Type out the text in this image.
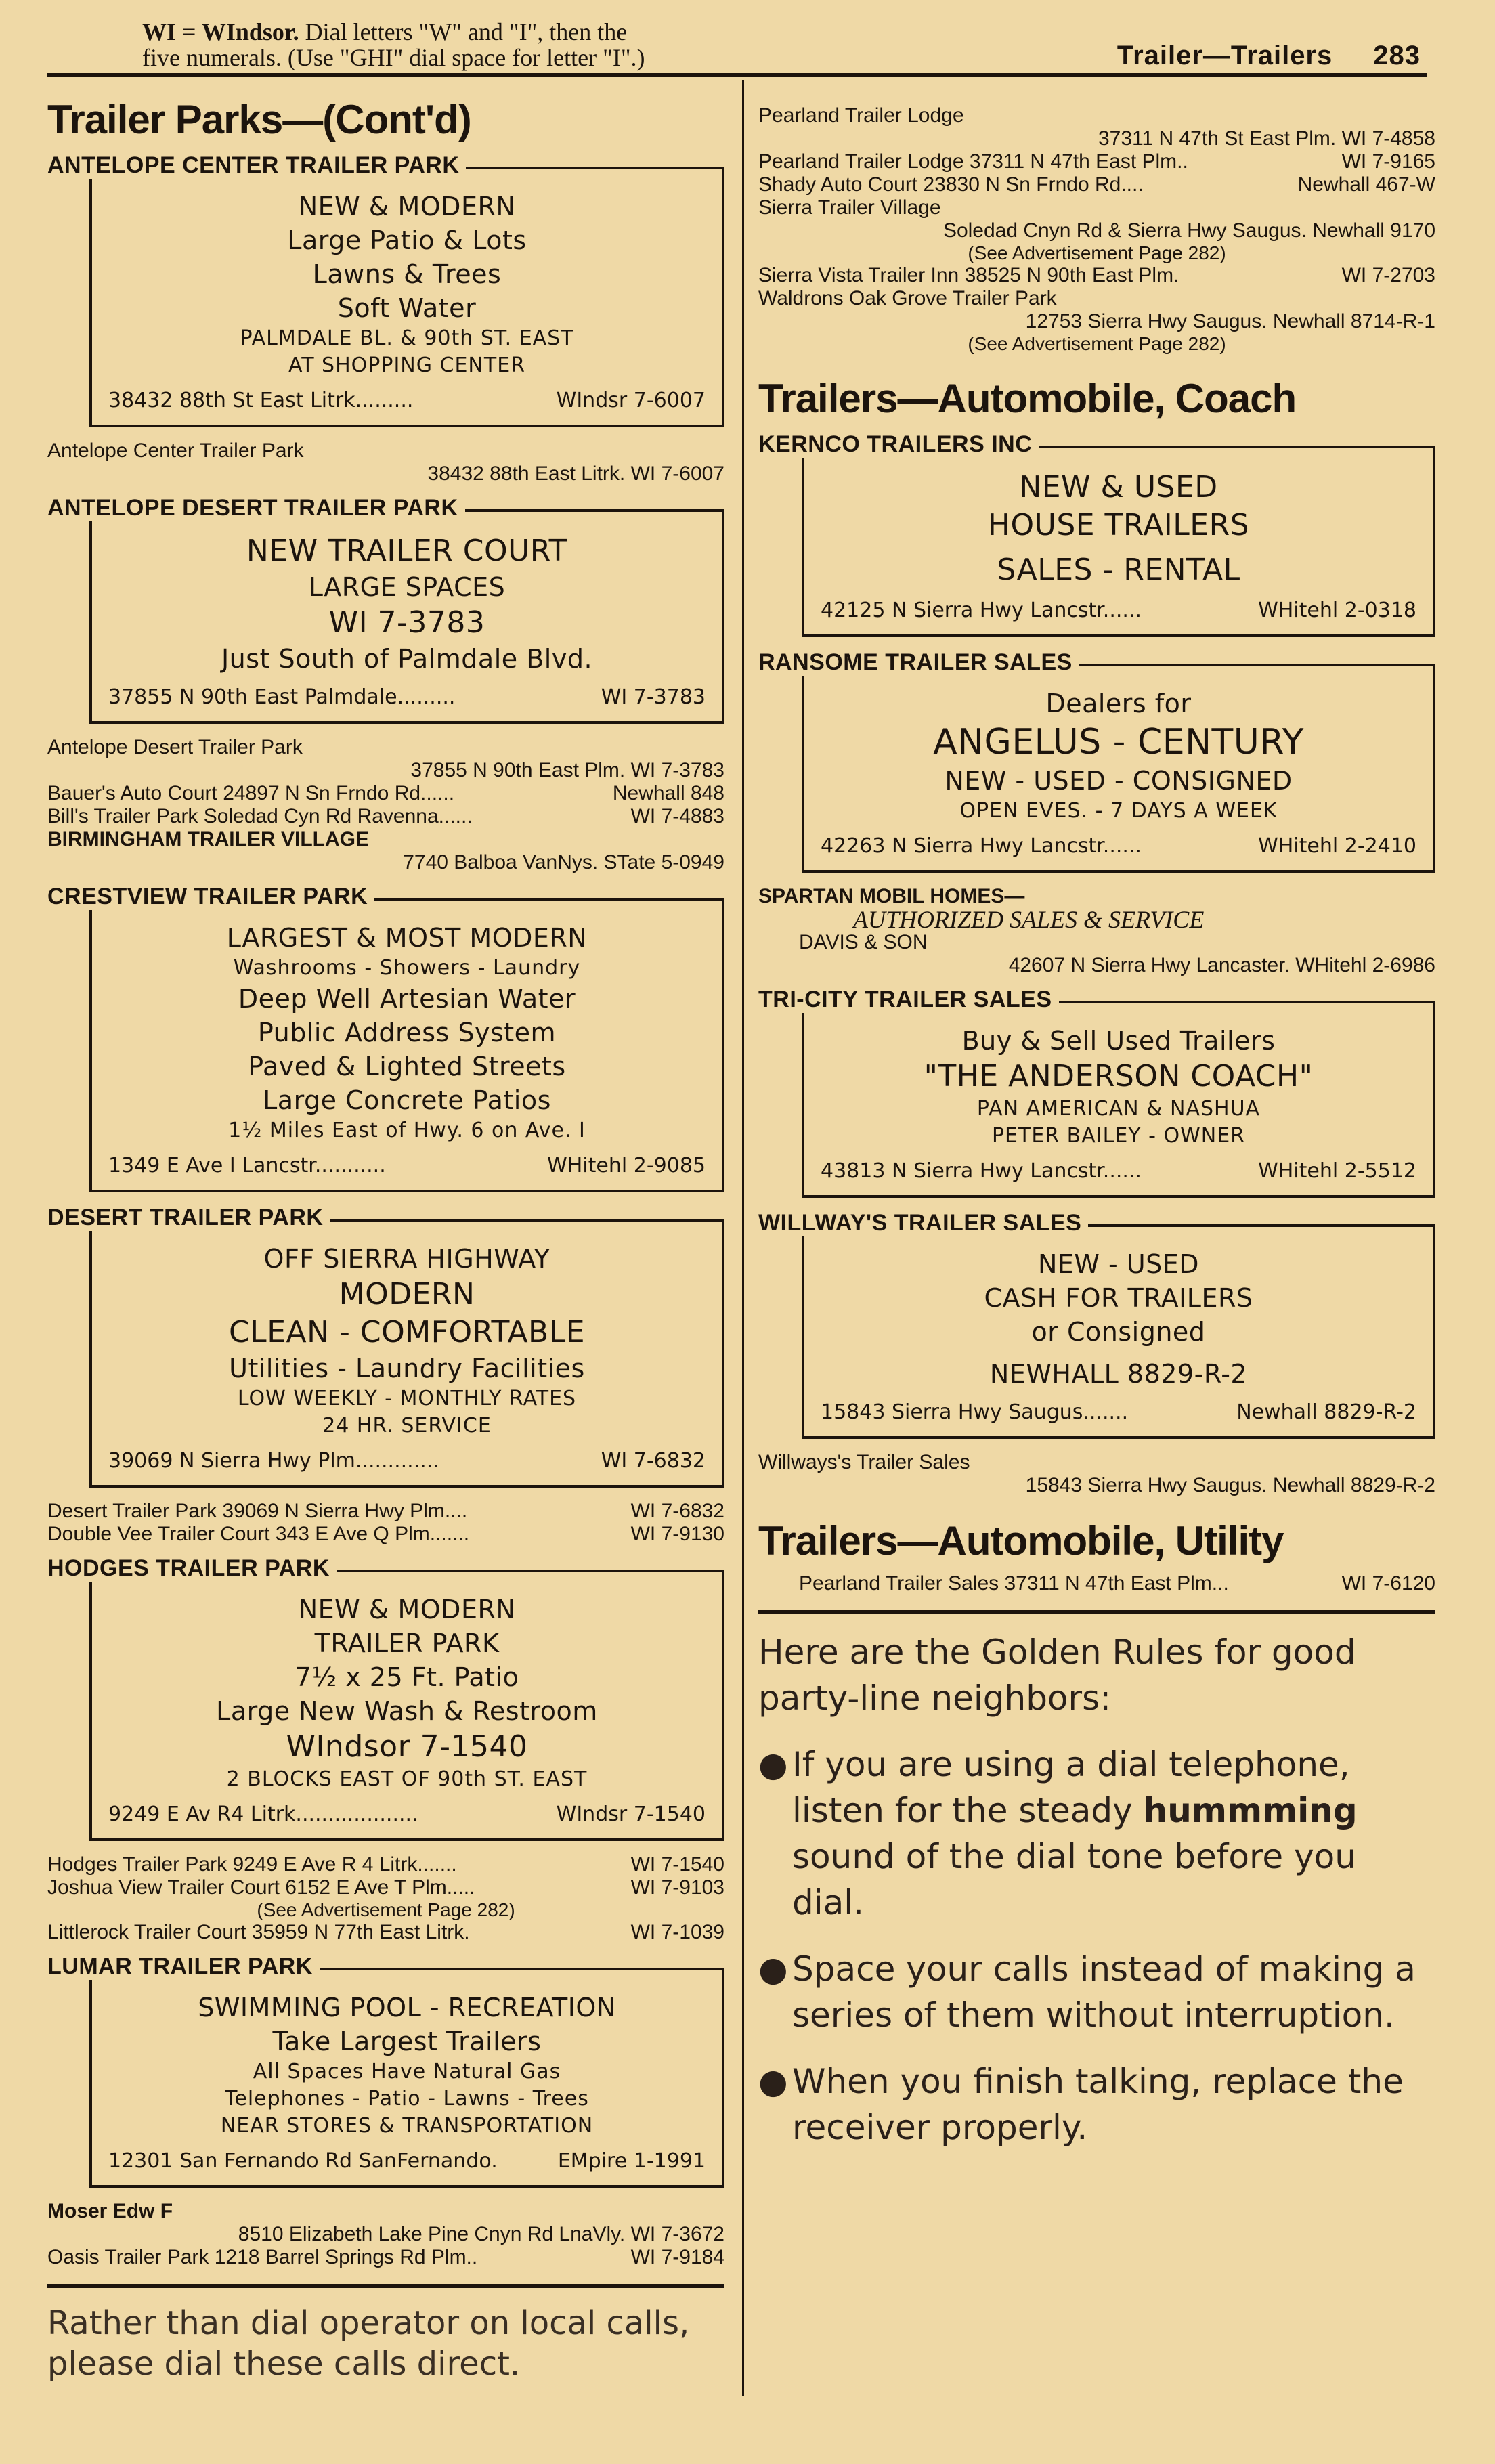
WI = WIndsor. Dial letters "W" and "I", then the
five numerals. (Use "GHI" dial space for letter "I".)	Trailer—Trailers 283
Trailer Parks—(Cont'd)
ANTELOPE CENTER TRAILER PARK
NEW & MODERN
Large Patio & Lots
Lawns & Trees
Soft Water
PALMDALE BL. & 90th ST. EAST
AT SHOPPING CENTER
38432 88th St East Litrk.........	WIndsr 7-6007
Antelope Center Trailer Park
38432 88th East Litrk. WI 7-6007
ANTELOPE DESERT TRAILER PARK
NEW TRAILER COURT
LARGE SPACES
WI 7-3783
Just South of Palmdale Blvd.
37855 N 90th East Palmdale.........	WI 7-3783
Antelope Desert Trailer Park
37855 N 90th East Plm. WI 7-3783
Bauer's Auto Court 24897 N Sn Frndo Rd......	Newhall 848
Bill's Trailer Park Soledad Cyn Rd Ravenna......	WI 7-4883
BIRMINGHAM TRAILER VILLAGE
7740 Balboa VanNys. STate 5-0949
CRESTVIEW TRAILER PARK
LARGEST & MOST MODERN
Washrooms - Showers - Laundry
Deep Well Artesian Water
Public Address System
Paved & Lighted Streets
Large Concrete Patios
1½ Miles East of Hwy. 6 on Ave. I
1349 E Ave I Lancstr...........	WHitehl 2-9085
DESERT TRAILER PARK
OFF SIERRA HIGHWAY
MODERN
CLEAN - COMFORTABLE
Utilities - Laundry Facilities
LOW WEEKLY - MONTHLY RATES
24 HR. SERVICE
39069 N Sierra Hwy Plm.............	WI 7-6832
Desert Trailer Park 39069 N Sierra Hwy Plm....	WI 7-6832
Double Vee Trailer Court 343 E Ave Q Plm.......	WI 7-9130
HODGES TRAILER PARK
NEW & MODERN
TRAILER PARK
7½ x 25 Ft. Patio
Large New Wash & Restroom
WIndsor 7-1540
2 BLOCKS EAST OF 90th ST. EAST
9249 E Av R4 Litrk...................	WIndsr 7-1540
Hodges Trailer Park 9249 E Ave R 4 Litrk.......	WI 7-1540
Joshua View Trailer Court 6152 E Ave T Plm.....	WI 7-9103
(See Advertisement Page 282)
Littlerock Trailer Court 35959 N 77th East Litrk.	WI 7-1039
LUMAR TRAILER PARK
SWIMMING POOL - RECREATION
Take Largest Trailers
All Spaces Have Natural Gas
Telephones - Patio - Lawns - Trees
NEAR STORES & TRANSPORTATION
12301 San Fernando Rd SanFernando.	EMpire 1-1991
Moser Edw F
8510 Elizabeth Lake Pine Cnyn Rd LnaVly. WI 7-3672
Oasis Trailer Park 1218 Barrel Springs Rd Plm..	WI 7-9184
Rather than dial operator on local calls, please dial these calls direct.
Pearland Trailer Lodge
37311 N 47th St East Plm. WI 7-4858
Pearland Trailer Lodge 37311 N 47th East Plm..	WI 7-9165
Shady Auto Court 23830 N Sn Frndo Rd....	Newhall 467-W
Sierra Trailer Village
Soledad Cnyn Rd & Sierra Hwy Saugus. Newhall 9170
(See Advertisement Page 282)
Sierra Vista Trailer Inn 38525 N 90th East Plm.	WI 7-2703
Waldrons Oak Grove Trailer Park
12753 Sierra Hwy Saugus. Newhall 8714-R-1
(See Advertisement Page 282)
Trailers—Automobile, Coach
KERNCO TRAILERS INC
NEW & USED
HOUSE TRAILERS
SALES - RENTAL
42125 N Sierra Hwy Lancstr......	WHitehl 2-0318
RANSOME TRAILER SALES
Dealers for
ANGELUS - CENTURY
NEW - USED - CONSIGNED
OPEN EVES. - 7 DAYS A WEEK
42263 N Sierra Hwy Lancstr......	WHitehl 2-2410
SPARTAN MOBIL HOMES—
AUTHORIZED SALES & SERVICE
DAVIS & SON
42607 N Sierra Hwy Lancaster. WHitehl 2-6986
TRI-CITY TRAILER SALES
Buy & Sell Used Trailers
"THE ANDERSON COACH"
PAN AMERICAN & NASHUA
PETER BAILEY - OWNER
43813 N Sierra Hwy Lancstr......	WHitehl 2-5512
WILLWAY'S TRAILER SALES
NEW - USED
CASH FOR TRAILERS
or Consigned
NEWHALL 8829-R-2
15843 Sierra Hwy Saugus.......	Newhall 8829-R-2
Willways's Trailer Sales
15843 Sierra Hwy Saugus. Newhall 8829-R-2
Trailers—Automobile, Utility
Pearland Trailer Sales 37311 N 47th East Plm...	WI 7-6120
Here are the Golden Rules for good party-line neighbors:
● If you are using a dial telephone, listen for the steady hummming sound of the dial tone before you dial.
● Space your calls instead of making a series of them without interruption.
● When you finish talking, replace the receiver properly.
